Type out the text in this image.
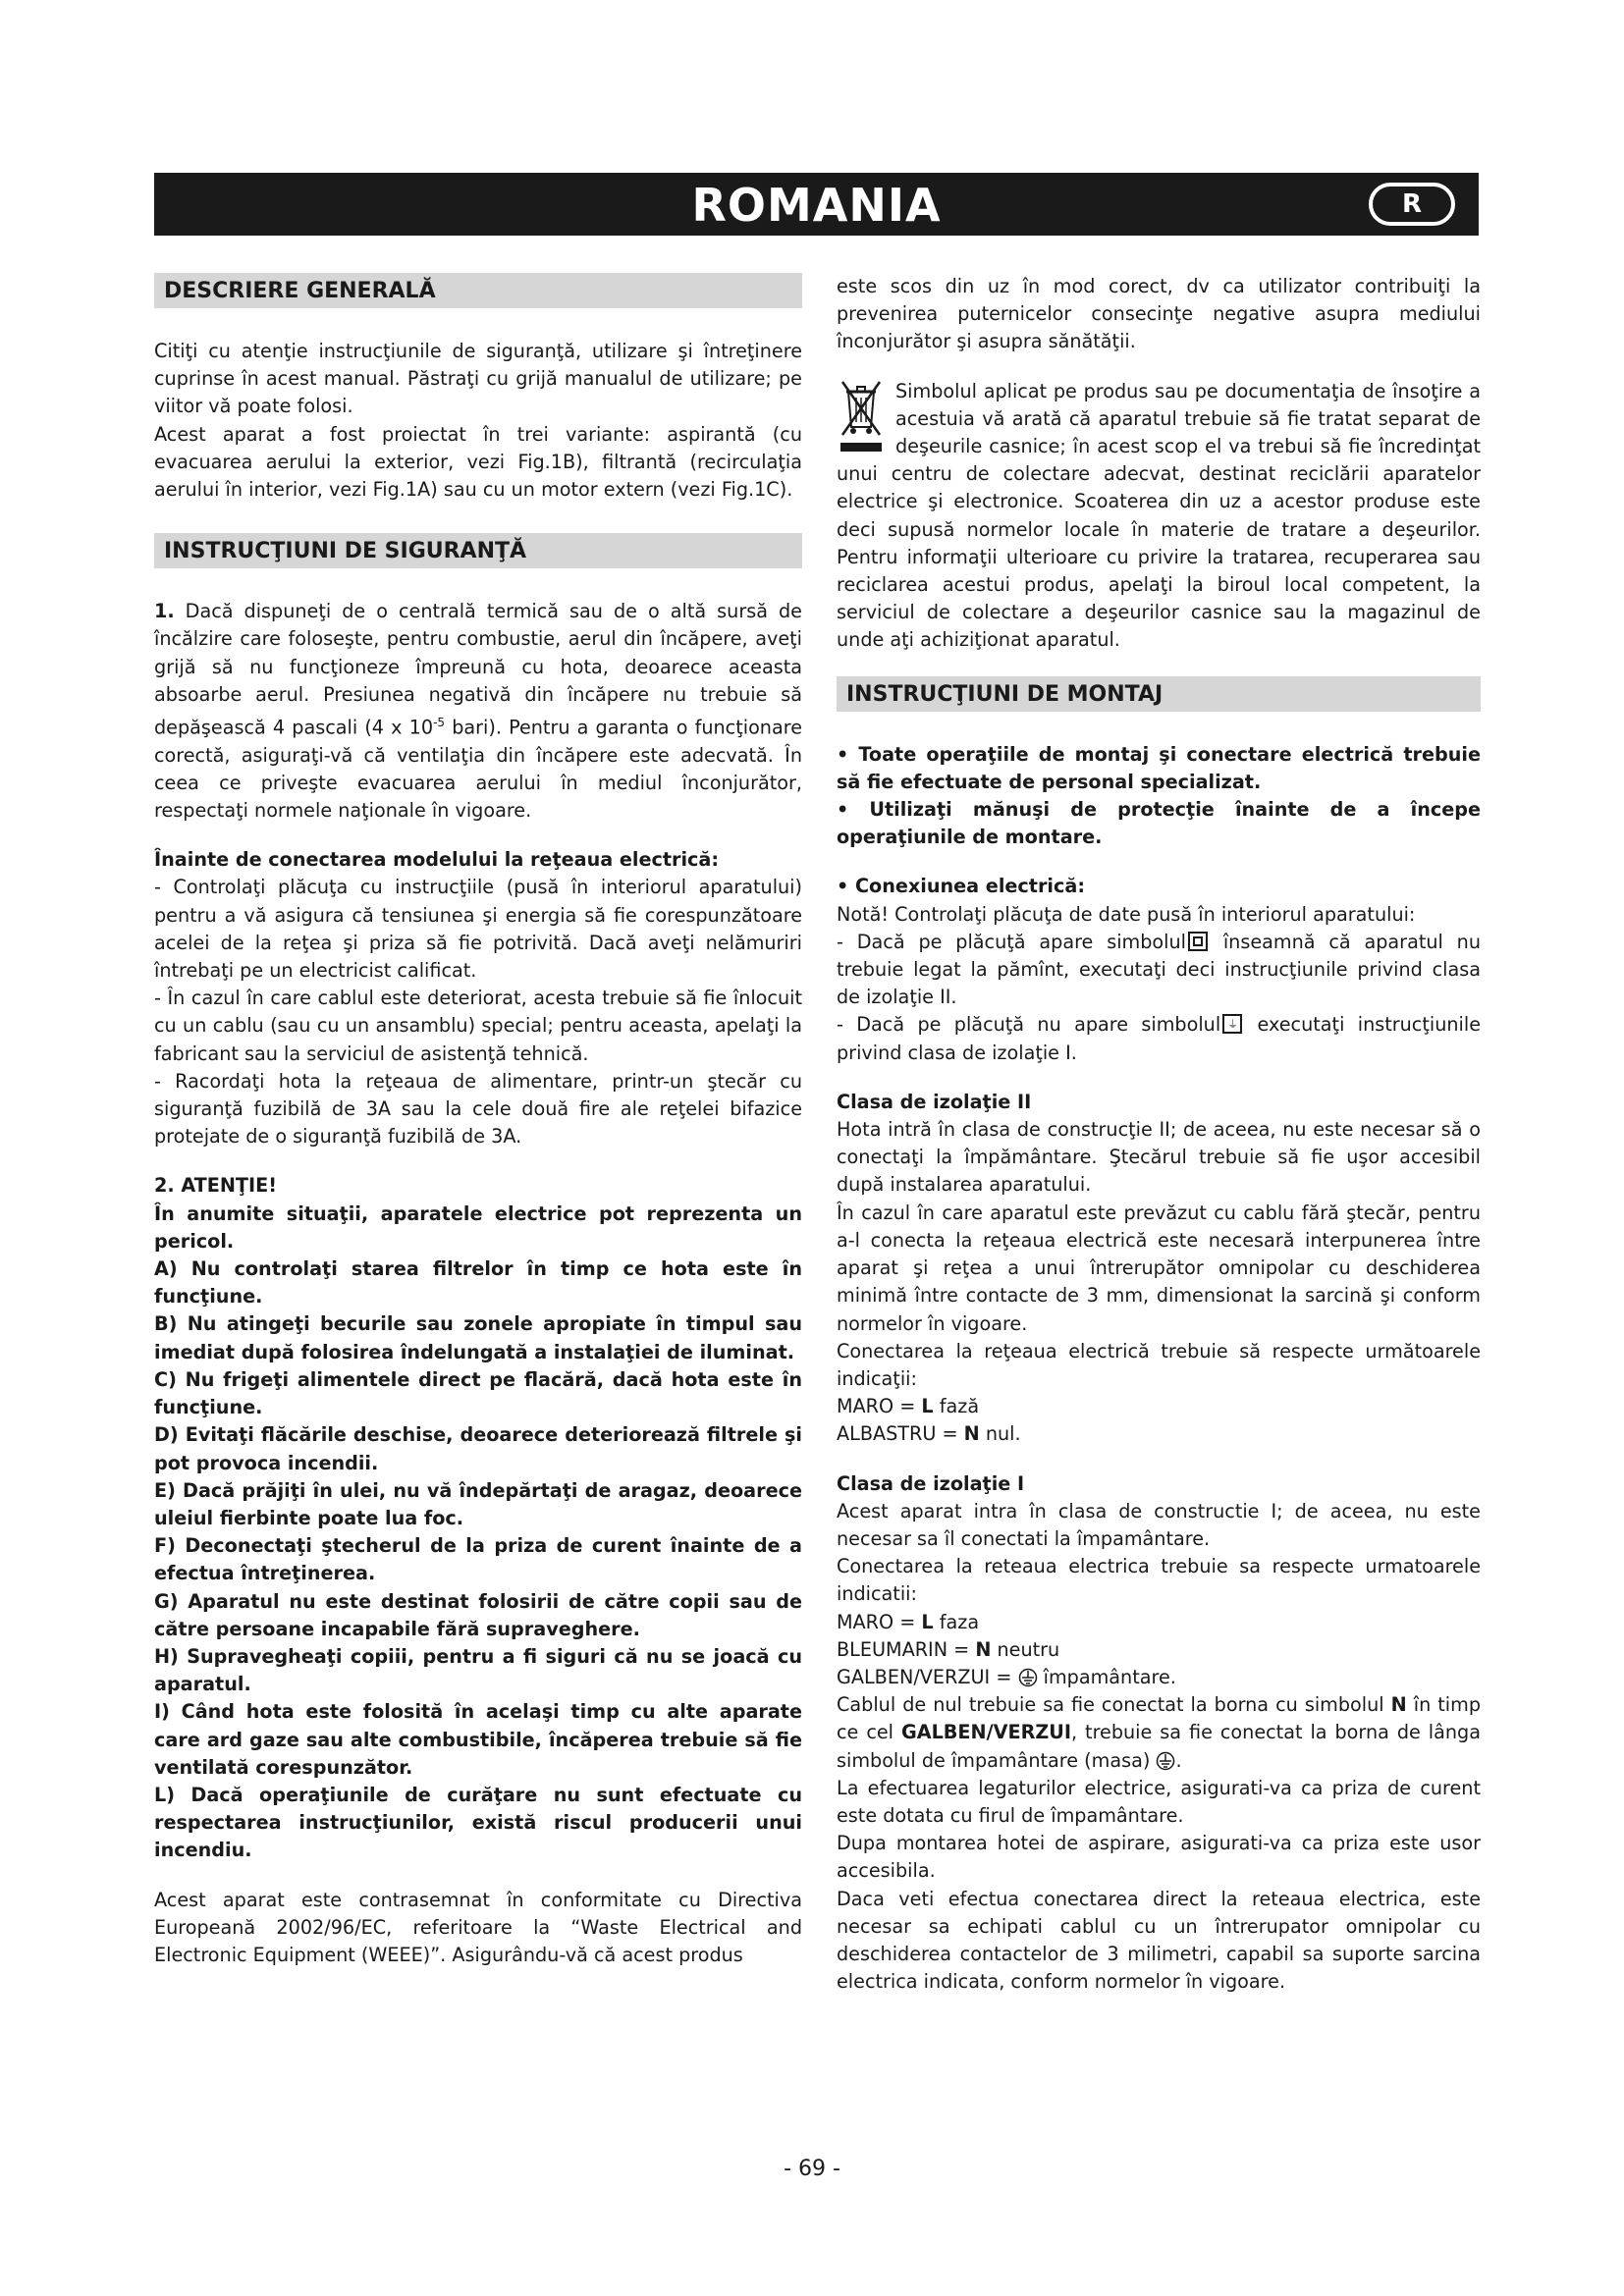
ROMANIA	R
DESCRIERE GENERALĂ

Citiţi cu atenţie instrucţiunile de siguranţă, utilizare şi întreţinere cuprinse în acest manual. Păstraţi cu grijă manualul de utilizare; pe viitor vă poate folosi.

Acest aparat a fost proiectat în trei variante: aspirantă (cu evacuarea aerului la exterior, vezi Fig.1B), filtrantă (recirculaţia aerului în interior, vezi Fig.1A) sau cu un motor extern (vezi Fig.1C).

INSTRUCŢIUNI DE SIGURANŢĂ

1. Dacă dispuneţi de o centrală termică sau de o altă sursă de încălzire care foloseşte, pentru combustie, aerul din încăpere, aveţi grijă să nu funcţioneze împreună cu hota, deoarece aceasta absoarbe aerul. Presiunea negativă din încăpere nu trebuie să depăşească 4 pascali (4 x $10^{-5}$ bari). Pentru a garanta o funcţionare corectă, asiguraţi-vă că ventilaţia din încăpere este adecvată. În ceea ce priveşte evacuarea aerului în mediul înconjurător, respectaţi normele naţionale în vigoare.

Înainte de conectarea modelului la reţeaua electrică:

- Controlaţi plăcuţa cu instrucţiile (pusă în interiorul aparatului) pentru a vă asigura că tensiunea şi energia să fie corespunzătoare acelei de la reţea şi priza să fie potrivită. Dacă aveţi nelămuriri întrebaţi pe un electricist calificat.

- În cazul în care cablul este deteriorat, acesta trebuie să fie înlocuit cu un cablu (sau cu un ansamblu) special; pentru aceasta, apelaţi la fabricant sau la serviciul de asistenţă tehnică.

- Racordaţi hota la reţeaua de alimentare, printr-un ştecăr cu siguranţă fuzibilă de 3A sau la cele două fire ale reţelei bifazice protejate de o siguranţă fuzibilă de 3A.

2. ATENŢIE!

În anumite situaţii, aparatele electrice pot reprezenta un pericol.

A) Nu controlaţi starea filtrelor în timp ce hota este în funcţiune.

B) Nu atingeţi becurile sau zonele apropiate în timpul sau imediat după folosirea îndelungată a instalaţiei de iluminat.

C) Nu frigeţi alimentele direct pe flacără, dacă hota este în funcţiune.

D) Evitaţi flăcările deschise, deoarece deteriorează filtrele şi pot provoca incendii.

E) Dacă prăjiţi în ulei, nu vă îndepărtaţi de aragaz, deoarece uleiul fierbinte poate lua foc.

F) Deconectaţi ştecherul de la priza de curent înainte de a efectua întreţinerea.

G) Aparatul nu este destinat folosirii de către copii sau de către persoane incapabile fără supraveghere.

H) Supravegheaţi copiii, pentru a fi siguri că nu se joacă cu aparatul.

I) Când hota este folosită în acelaşi timp cu alte aparate care ard gaze sau alte combustibile, încăperea trebuie să fie ventilată corespunzător.

L) Dacă operaţiunile de curăţare nu sunt efectuate cu respectarea instrucţiunilor, există riscul producerii unui incendiu.

Acest aparat este contrasemnat în conformitate cu Directiva Europeană 2002/96/EC, referitoare la “Waste Electrical and Electronic Equipment (WEEE)”. Asigurându-vă că acest produs

este scos din uz în mod corect, dv ca utilizator contribuiţi la prevenirea puternicelor consecinţe negative asupra mediului înconjurător şi asupra sănătăţii.

Simbolul aplicat pe produs sau pe documentaţia de însoţire a acestuia vă arată că aparatul trebuie să fie tratat separat de deşeurile casnice; în acest scop el va trebui să fie încredinţat unui centru de colectare adecvat, destinat reciclării aparatelor electrice şi electronice. Scoaterea din uz a acestor produse este deci supusă normelor locale în materie de tratare a deşeurilor. Pentru informaţii ulterioare cu privire la tratarea, recuperarea sau reciclarea acestui produs, apelaţi la biroul local competent, la serviciul de colectare a deşeurilor casnice sau la magazinul de unde aţi achiziţionat aparatul.

INSTRUCŢIUNI DE MONTAJ

• Toate operaţiile de montaj şi conectare electrică trebuie să fie efectuate de personal specializat.

• Utilizaţi mănuşi de protecţie înainte de a începe operaţiunile de montare.

• Conexiunea electrică:

Notă! Controlaţi plăcuţa de date pusă în interiorul aparatului:

- Dacă pe plăcuţă apare simbolul înseamnă că aparatul nu trebuie legat la pămînt, executaţi deci instrucţiunile privind clasa de izolaţie II.

- Dacă pe plăcuţă nu apare simbolul ⏚ executaţi instrucţiunile privind clasa de izolaţie I.

Clasa de izolaţie II

Hota intră în clasa de construcţie II; de aceea, nu este necesar să o conectaţi la împământare. Ştecărul trebuie să fie uşor accesibil după instalarea aparatului.

În cazul în care aparatul este prevăzut cu cablu fără ştecăr, pentru a-l conecta la reţeaua electrică este necesară interpunerea între aparat şi reţea a unui întrerupător omnipolar cu deschiderea minimă între contacte de 3 mm, dimensionat la sarcină şi conform normelor în vigoare.

Conectarea la reţeaua electrică trebuie să respecte următoarele indicaţii:

MARO = L fază

ALBASTRU = N nul.

Clasa de izolaţie I

Acest aparat intra în clasa de constructie I; de aceea, nu este necesar sa îl conectati la împamântare.

Conectarea la reteaua electrica trebuie sa respecte urmatoarele indicatii:

MARO = L faza

BLEUMARIN = N neutru

GALBEN/VERZUI = împamântare.

Cablul de nul trebuie sa fie conectat la borna cu simbolul N în timp ce cel GALBEN/VERZUI, trebuie sa fie conectat la borna de lânga simbolul de împamântare (masa) .

La efectuarea legaturilor electrice, asigurati-va ca priza de curent este dotata cu firul de împamântare.

Dupa montarea hotei de aspirare, asigurati-va ca priza este usor accesibila.

Daca veti efectua conectarea direct la reteaua electrica, este necesar sa echipati cablul cu un întrerupator omnipolar cu deschiderea contactelor de 3 milimetri, capabil sa suporte sarcina electrica indicata, conform normelor în vigoare.

- 69 -
